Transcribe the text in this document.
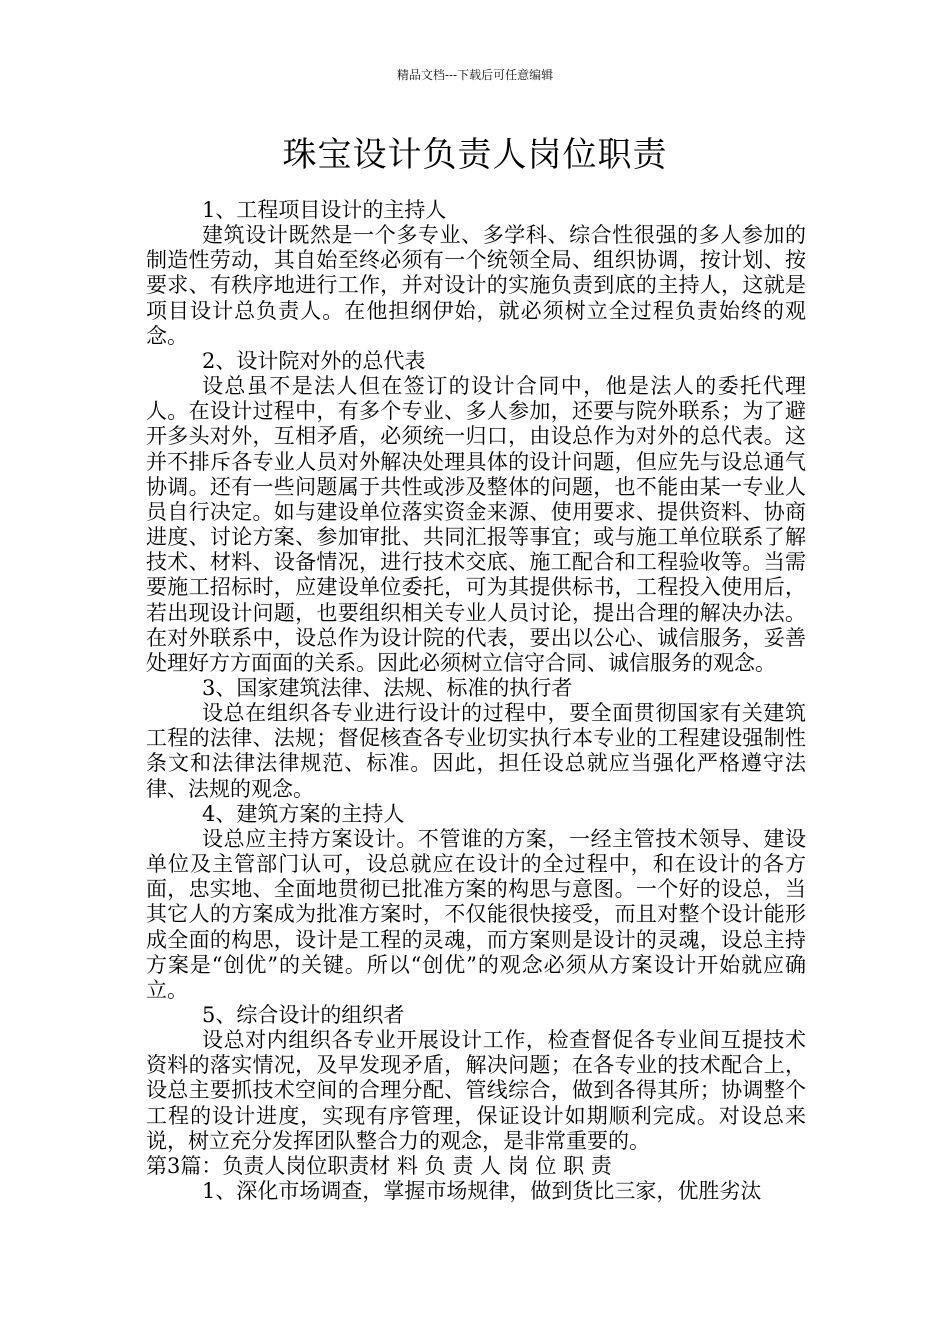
精品文档---下载后可任意编辑
珠宝设计负责人岗位职责

1、工程项目设计的主持人

建筑设计既然是一个多专业、多学科、综合性很强的多人参加的制造性劳动，其自始至终必须有一个统领全局、组织协调，按计划、按要求、有秩序地进行工作，并对设计的实施负责到底的主持人，这就是项目设计总负责人。在他担纲伊始，就必须树立全过程负责始终的观念。

2、设计院对外的总代表

设总虽不是法人但在签订的设计合同中，他是法人的委托代理人。在设计过程中，有多个专业、多人参加，还要与院外联系；为了避开多头对外，互相矛盾，必须统一归口，由设总作为对外的总代表。这并不排斥各专业人员对外解决处理具体的设计问题，但应先与设总通气协调。还有一些问题属于共性或涉及整体的问题，也不能由某一专业人员自行决定。如与建设单位落实资金来源、使用要求、提供资料、协商进度、讨论方案、参加审批、共同汇报等事宜；或与施工单位联系了解技术、材料、设备情况，进行技术交底、施工配合和工程验收等。当需要施工招标时，应建设单位委托，可为其提供标书，工程投入使用后，若出现设计问题，也要组织相关专业人员讨论，提出合理的解决办法。在对外联系中，设总作为设计院的代表，要出以公心、诚信服务，妥善处理好方方面面的关系。因此必须树立信守合同、诚信服务的观念。

3、国家建筑法律、法规、标准的执行者

设总在组织各专业进行设计的过程中，要全面贯彻国家有关建筑工程的法律、法规；督促核查各专业切实执行本专业的工程建设强制性条文和法律法律规范、标准。因此，担任设总就应当强化严格遵守法律、法规的观念。

4、建筑方案的主持人

设总应主持方案设计。不管谁的方案，一经主管技术领导、建设单位及主管部门认可，设总就应在设计的全过程中，和在设计的各方面，忠实地、全面地贯彻已批准方案的构思与意图。一个好的设总，当其它人的方案成为批准方案时，不仅能很快接受，而且对整个设计能形成全面的构思，设计是工程的灵魂，而方案则是设计的灵魂，设总主持方案是“创优”的关键。所以“创优”的观念必须从方案设计开始就应确立。

5、综合设计的组织者

设总对内组织各专业开展设计工作，检查督促各专业间互提技术资料的落实情况，及早发现矛盾，解决问题；在各专业的技术配合上，设总主要抓技术空间的合理分配、管线综合，做到各得其所；协调整个工程的设计进度，实现有序管理，保证设计如期顺利完成。对设总来说，树立充分发挥团队整合力的观念，是非常重要的。

第3篇：负责人岗位职责材 料 负 责 人 岗 位 职 责

1、深化市场调查，掌握市场规律，做到货比三家，优胜劣汰
